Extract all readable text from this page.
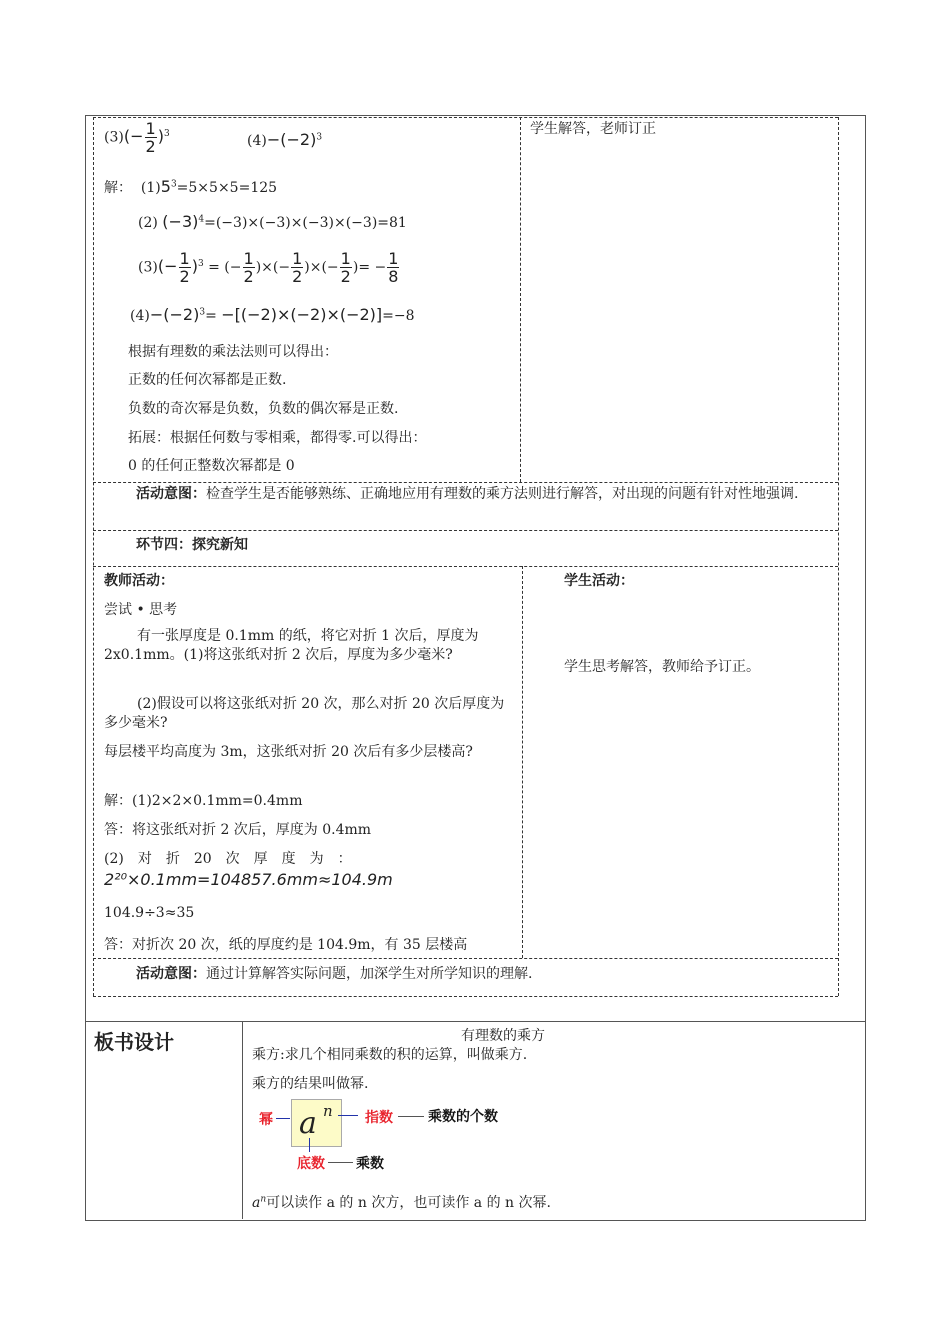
$(3)(- \frac{1}{2} )^3$	$(4)-(-2)^3$
解： $(1)5^3=5\times 5\times 5=125$
(2) $(-3)^4=(-3)\times(-3)\times(-3)\times(-3)=81$
$(3)(- \frac{1}{2} )^3$ = (− $\frac{1}{2}$ )×(− $\frac{1}{2}$ )×(− $\frac{1}{2}$ )= − $\frac{1}{8}$
$(4)-(-2)^3= -[(-2)\times(-2)\times(-2)]=-8$
根据有理数的乘法法则可以得出：
正数的任何次幂都是正数.
负数的奇次幂是负数，负数的偶次幂是正数.
拓展：根据任何数与零相乘，都得零.可以得出：
0 的任何正整数次幂都是 0
学生解答，老师订正
活动意图：检查学生是否能够熟练、正确地应用有理数的乘方法则进行解答，对出现的问题有针对性地强调.
环节四：探究新知
教师活动：
尝试 • 思考
有一张厚度是 0.1mm 的纸，将它对折 1 次后，厚度为 2x0.1mm。(1)将这张纸对折 2 次后，厚度为多少毫米?
(2)假设可以将这张纸对折 20 次，那么对折 20 次后厚度为多少毫米?
每层楼平均高度为 3m，这张纸对折 20 次后有多少层楼高?
解：(1)2×2×0.1mm=0.4mm
答：将这张纸对折 2 次后，厚度为 0.4mm
(2)　对　折　20　次　厚　度　为　：
2²⁰×0.1mm=104857.6mm≈104.9m
104.9÷3≈35
答：对折次 20 次，纸的厚度约是 104.9m，有 35 层楼高
学生活动：
学生思考解答，教师给予订正。
活动意图：通过计算解答实际问题，加深学生对所学知识的理解.
板书设计	有理数的乘方
乘方:求几个相同乘数的积的运算，叫做乘方.
乘方的结果叫做幂.
a n
幂	指数	乘数的个数
底数 乘数
$a^n$可以读作 a 的 n 次方，也可读作 a 的 n 次幂.
